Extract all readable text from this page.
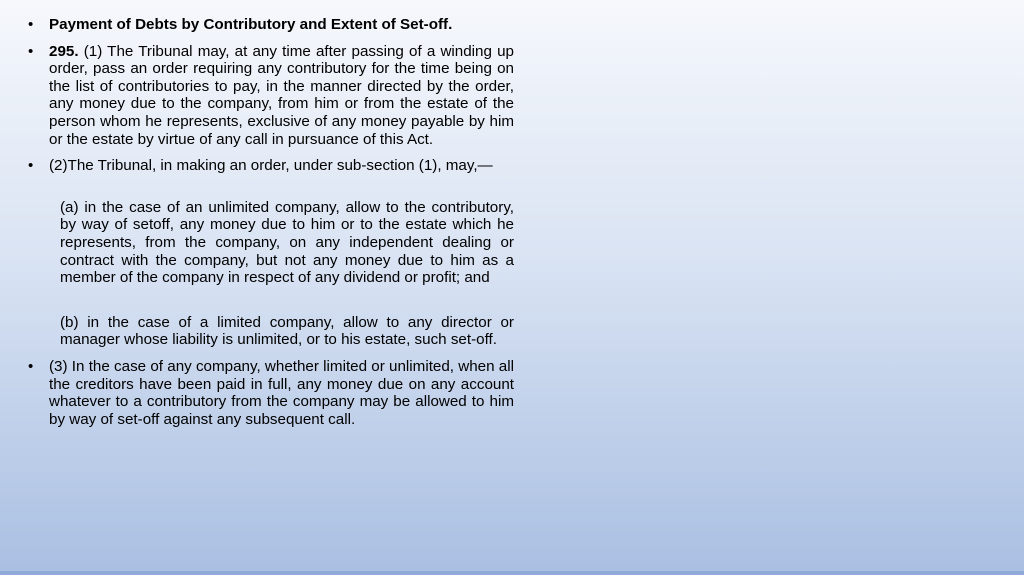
•	Payment of Debts by Contributory and Extent of Set-off.
•	295. (1) The Tribunal may, at any time after passing of a winding up order, pass an order requiring any contributory for the time being on the list of contributories to pay, in the manner directed by the order, any money due to the company, from him or from the estate of the person whom he represents, exclusive of any money payable by him or the estate by virtue of any call in pursuance of this Act.
•	(2)The Tribunal, in making an order, under sub-section (1), may,—
(a) in the case of an unlimited company, allow to the contributory, by way of setoff, any money due to him or to the estate which he represents, from the company, on any independent dealing or contract with the company, but not any money due to him as a member of the company in respect of any dividend or profit; and
(b) in the case of a limited company, allow to any director or manager whose liability is unlimited, or to his estate, such set-off.
•	(3) In the case of any company, whether limited or unlimited, when all the creditors have been paid in full, any money due on any account whatever to a contributory from the company may be allowed to him by way of set-off against any subsequent call.
